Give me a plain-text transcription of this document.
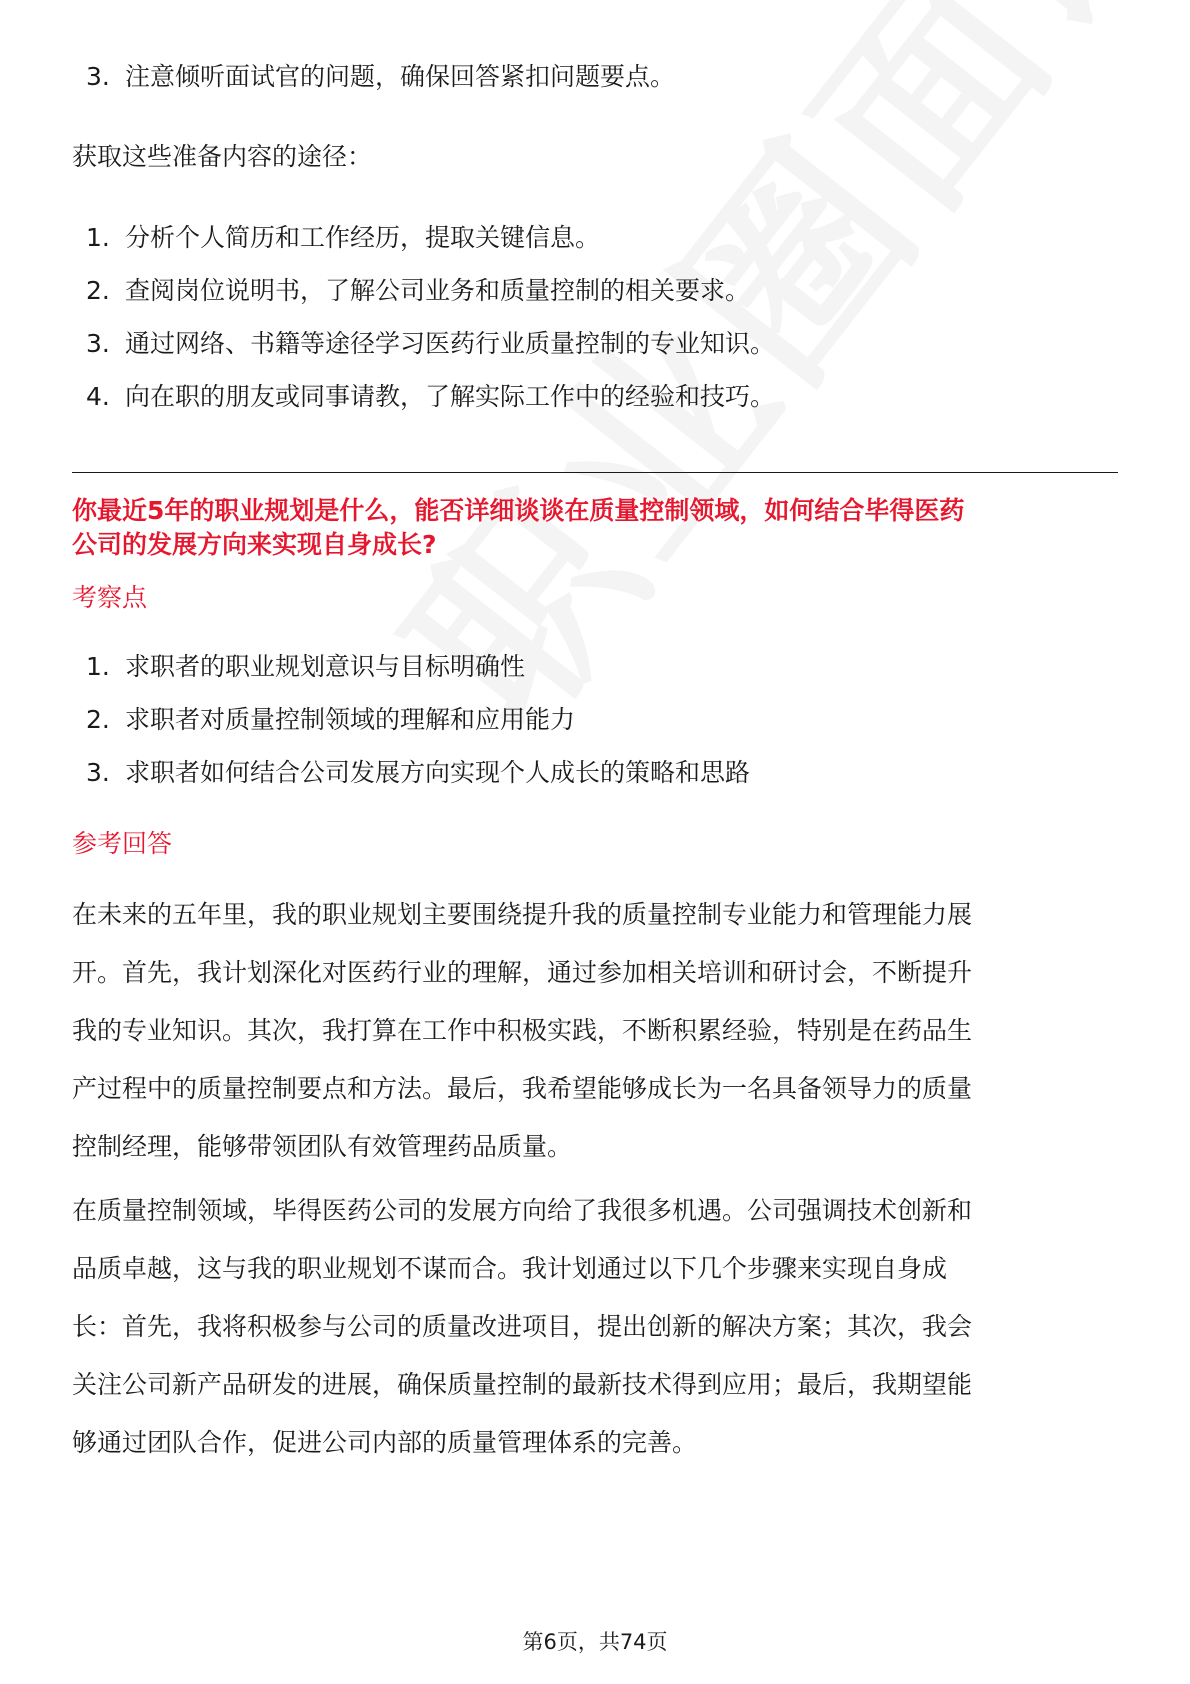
3. 注意倾听面试官的问题，确保回答紧扣问题要点。
获取这些准备内容的途径：
1. 分析个人简历和工作经历，提取关键信息。
2. 查阅岗位说明书，了解公司业务和质量控制的相关要求。
3. 通过网络、书籍等途径学习医药行业质量控制的专业知识。
4. 向在职的朋友或同事请教，了解实际工作中的经验和技巧。

你最近5年的职业规划是什么，能否详细谈谈在质量控制领域，如何结合毕得医药

公司的发展方向来实现自身成长?

考察点

1. 求职者的职业规划意识与目标明确性
2. 求职者对质量控制领域的理解和应用能力
3. 求职者如何结合公司发展方向实现个人成长的策略和思路

参考回答

在未来的五年里，我的职业规划主要围绕提升我的质量控制专业能力和管理能力展

开。首先，我计划深化对医药行业的理解，通过参加相关培训和研讨会，不断提升

我的专业知识。其次，我打算在工作中积极实践，不断积累经验，特别是在药品生

产过程中的质量控制要点和方法。最后，我希望能够成长为一名具备领导力的质量

控制经理，能够带领团队有效管理药品质量。

在质量控制领域，毕得医药公司的发展方向给了我很多机遇。公司强调技术创新和

品质卓越，这与我的职业规划不谋而合。我计划通过以下几个步骤来实现自身成

长：首先，我将积极参与公司的质量改进项目，提出创新的解决方案；其次，我会

关注公司新产品研发的进展，确保质量控制的最新技术得到应用；最后，我期望能

够通过团队合作，促进公司内部的质量管理体系的完善。

第6页，共74页
